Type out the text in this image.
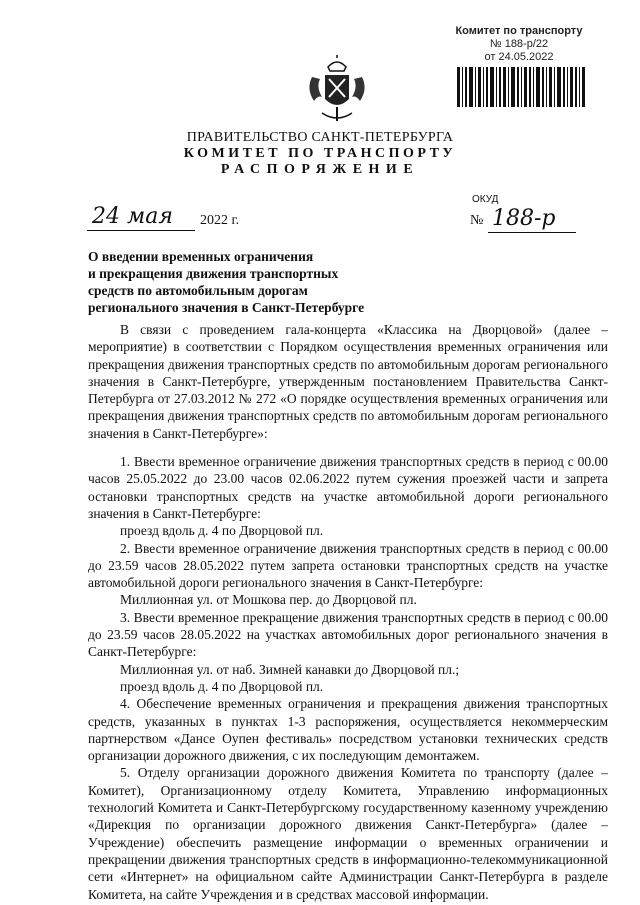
Комитет по транспорту
№ 188-р/22
от 24.05.2022
ПРАВИТЕЛЬСТВО САНКТ-ПЕТЕРБУРГА
КОМИТЕТ ПО ТРАНСПОРТУ
РАСПОРЯЖЕНИЕ
ОКУД
24 мая 2022 г.	№ 188-р
О введении временных ограничения
и прекращения движения транспортных
средств по автомобильным дорогам
регионального значения в Санкт-Петербурге

В связи с проведением гала-концерта «Классика на Дворцовой» (далее – мероприятие) в соответствии с Порядком осуществления временных ограничения или прекращения движения транспортных средств по автомобильным дорогам регионального значения в Санкт-Петербурге, утвержденным постановлением Правительства Санкт-Петербурга от 27.03.2012 № 272 «О порядке осуществления временных ограничения или прекращения движения транспортных средств по автомобильным дорогам регионального значения в Санкт-Петербурге»:

1. Ввести временное ограничение движения транспортных средств в период с 00.00 часов 25.05.2022 до 23.00 часов 02.06.2022 путем сужения проезжей части и запрета остановки транспортных средств на участке автомобильной дороги регионального значения в Санкт-Петербурге:

проезд вдоль д. 4 по Дворцовой пл.

2. Ввести временное ограничение движения транспортных средств в период с 00.00 до 23.59 часов 28.05.2022 путем запрета остановки транспортных средств на участке автомобильной дороги регионального значения в Санкт-Петербурге:

Миллионная ул. от Мошкова пер. до Дворцовой пл.

3. Ввести временное прекращение движения транспортных средств в период с 00.00 до 23.59 часов 28.05.2022 на участках автомобильных дорог регионального значения в Санкт-Петербурге:

Миллионная ул. от наб. Зимней канавки до Дворцовой пл.;

проезд вдоль д. 4 по Дворцовой пл.

4. Обеспечение временных ограничения и прекращения движения транспортных средств, указанных в пунктах 1-3 распоряжения, осуществляется некоммерческим партнерством «Дансе Оупен фестиваль» посредством установки технических средств организации дорожного движения, с их последующим демонтажем.

5. Отделу организации дорожного движения Комитета по транспорту (далее – Комитет), Организационному отделу Комитета, Управлению информационных технологий Комитета и Санкт-Петербургскому государственному казенному учреждению «Дирекция по организации дорожного движения Санкт-Петербурга» (далее – Учреждение) обеспечить размещение информации о временных ограничении и прекращении движения транспортных средств в информационно-телекоммуникационной сети «Интернет» на официальном сайте Администрации Санкт-Петербурга в разделе Комитета, на сайте Учреждения и в средствах массовой информации.
